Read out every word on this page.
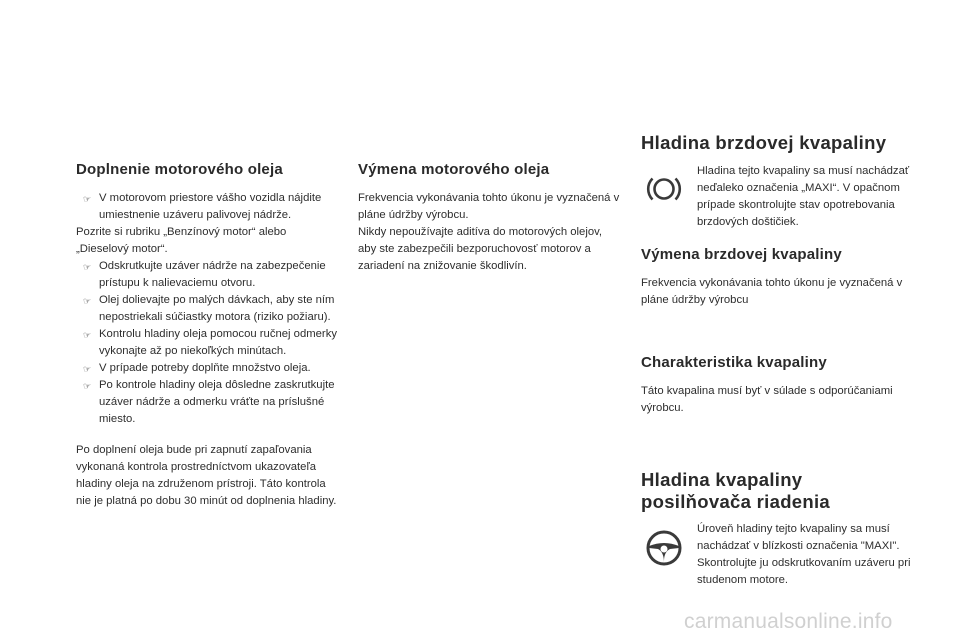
Doplnenie motorového oleja
☞ V motorovom priestore vášho vozidla nájdite umiestnenie uzáveru palivovej nádrže.

Pozrite si rubriku „Benzínový motor“ alebo „Dieselový motor“.

☞ Odskrutkujte uzáver nádrže na zabezpečenie prístupu k nalievaciemu otvoru.
☞ Olej dolievajte po malých dávkach, aby ste ním nepostriekali súčiastky motora (riziko požiaru).
☞ Kontrolu hladiny oleja pomocou ručnej odmerky vykonajte až po niekoľkých minútach.
☞ V prípade potreby doplňte množstvo oleja.
☞ Po kontrole hladiny oleja dôsledne zaskrutkujte uzáver nádrže a odmerku vráťte na príslušné miesto.

Po doplnení oleja bude pri zapnutí zapaľovania vykonaná kontrola prostredníctvom ukazovateľa hladiny oleja na združenom prístroji. Táto kontrola nie je platná po dobu 30 minút od doplnenia hladiny.

Výmena motorového oleja

Frekvencia vykonávania tohto úkonu je vyznačená v pláne údržby výrobcu.
Nikdy nepoužívajte aditíva do motorových olejov, aby ste zabezpečili bezporuchovosť motorov a zariadení na znižovanie škodlivín.

Hladina brzdovej kvapaliny

Hladina tejto kvapaliny sa musí nachádzať neďaleko označenia „MAXI“. V opačnom prípade skontrolujte stav opotrebovania brzdových doštičiek.

Výmena brzdovej kvapaliny

Frekvencia vykonávania tohto úkonu je vyznačená v pláne údržby výrobcu

Charakteristika kvapaliny

Táto kvapalina musí byť v súlade s odporúčaniami výrobcu.

Hladina kvapaliny
posilňovača riadenia

Úroveň hladiny tejto kvapaliny sa musí nachádzať v blízkosti označenia "MAXI". Skontrolujte ju odskrutkovaním uzáveru pri studenom motore.

carmanualsonline.info
